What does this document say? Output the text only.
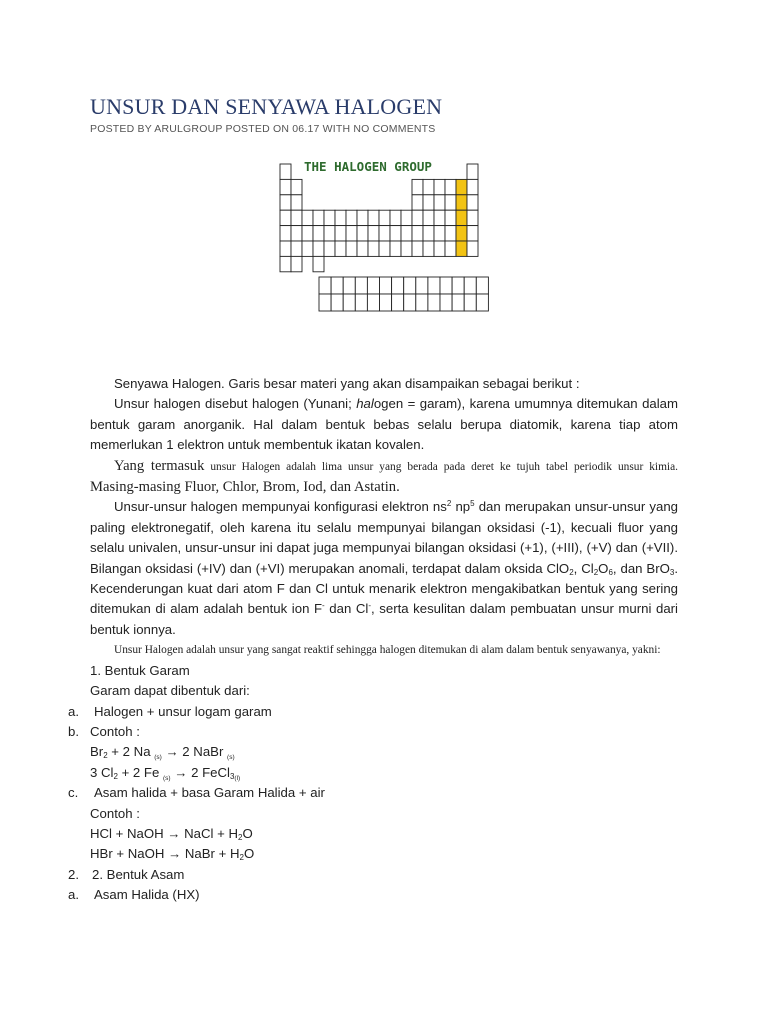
UNSUR DAN SENYAWA HALOGEN
POSTED BY ARULGROUP POSTED ON 06.17 WITH NO COMMENTS
THE HALOGEN GROUP

Senyawa Halogen. Garis besar materi yang akan disampaikan sebagai berikut :

Unsur halogen disebut halogen (Yunani; halogen = garam), karena umumnya ditemukan dalam bentuk garam anorganik. Hal dalam bentuk bebas selalu berupa diatomik, karena tiap atom memerlukan 1 elektron untuk membentuk ikatan kovalen.

Yang termasuk unsur Halogen adalah lima unsur yang berada pada deret ke tujuh tabel periodik unsur kimia. Masing-masing Fluor, Chlor, Brom, Iod, dan Astatin.

Unsur-unsur halogen mempunyai konfigurasi elektron $ns^2$ $np^5$ dan merupakan unsur-unsur yang paling elektronegatif, oleh karena itu selalu mempunyai bilangan oksidasi (-1), kecuali fluor yang selalu univalen, unsur-unsur ini dapat juga mempunyai bilangan oksidasi (+1), (+III), (+V) dan (+VII). Bilangan oksidasi (+IV) dan (+VI) merupakan anomali, terdapat dalam oksida ClO$_2$, $Cl_2O_6$, dan BrO$_3$. Kecenderungan kuat dari atom F dan Cl untuk menarik elektron mengakibatkan bentuk yang sering ditemukan di alam adalah bentuk ion F- dan Cl-, serta kesulitan dalam pembuatan unsur murni dari bentuk ionnya.

Unsur Halogen adalah unsur yang sangat reaktif sehingga halogen ditemukan di alam dalam bentuk senyawanya, yakni:

1. Bentuk Garam

Garam dapat dibentuk dari:

a. Halogen + unsur logam garam

b. Contoh :

$Br_2 + 2$ Na $_{(s)}$ → 2 NaBr $_{(s)}$

3 $Cl_2 + 2$ Fe $_{(s)}$ → 2 FeCl$_{3(l)}$

c. Asam halida + basa Garam Halida + air

Contoh :

HCl + NaOH → NaCl + $H_2O$

HBr + NaOH → NaBr + $H_2O$

2. 2. Bentuk Asam

a. Asam Halida (HX)
